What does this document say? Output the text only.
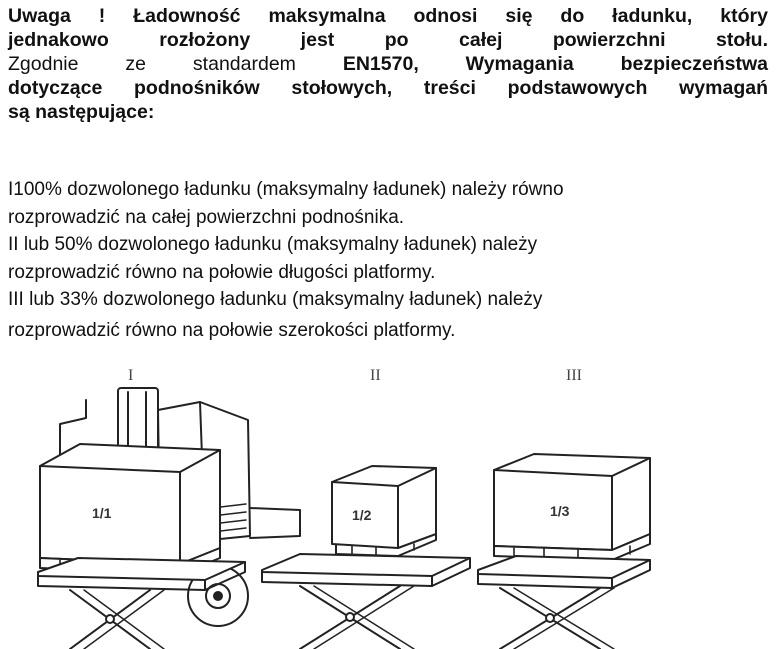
Uwaga ! Ładowność maksymalna odnosi się do ładunku, który
jednakowo rozłożony jest po całej powierzchni stołu.
Zgodnie ze standardem EN1570, Wymagania bezpieczeństwa
dotyczące podnośników stołowych, treści podstawowych wymagań
są następujące:

I100% dozwolonego ładunku (maksymalny ładunek) należy równo
rozprowadzić na całej powierzchni podnośnika.
II lub 50% dozwolonego ładunku (maksymalny ładunek) należy
rozprowadzić równo na połowie długości platformy.
III lub 33% dozwolonego ładunku (maksymalny ładunek) należy
rozprowadzić równo na połowie szerokości platformy.

I	II	III
1/1	1/2	1/3
